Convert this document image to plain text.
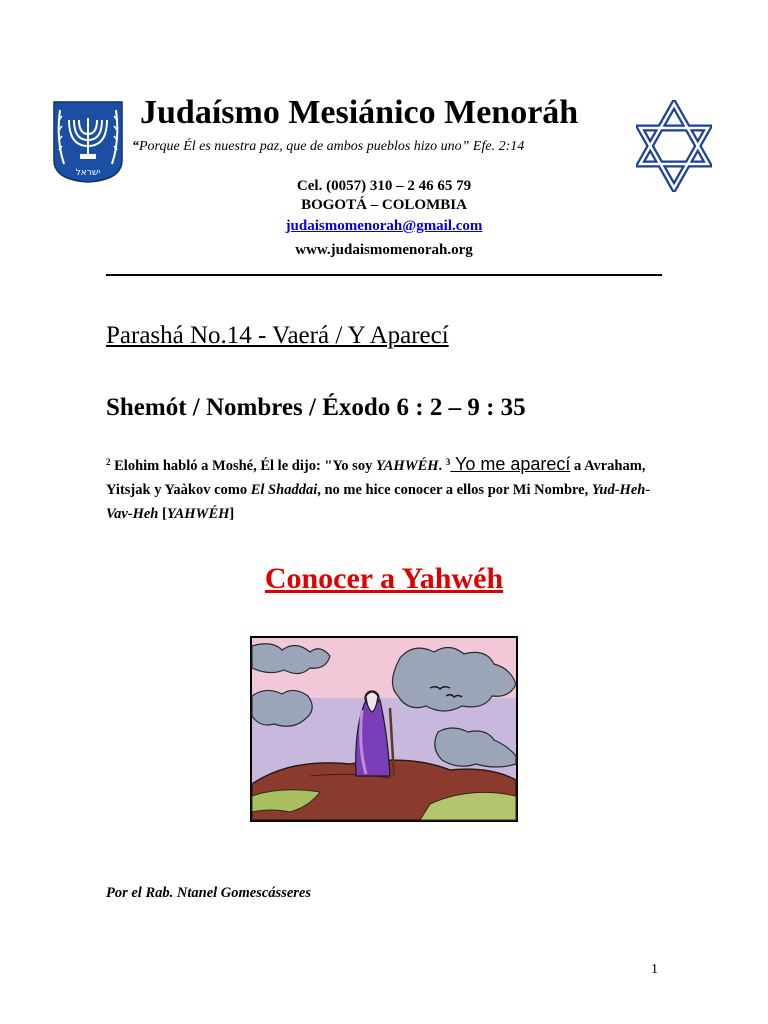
ישראל
Judaísmo Mesiánico Menoráh
“Porque Él es nuestra paz, que de ambos pueblos hizo uno” Efe. 2:14
Cel. (0057) 310 – 2 46 65 79
BOGOTÁ – COLOMBIA
judaismomenorah@gmail.com
www.judaismomenorah.org
Parashá No.14 - Vaerá / Y Aparecí
Shemót / Nombres / Éxodo 6 : 2 – 9 : 35
$^2$ Elohim habló a Moshé, Él le dijo: "Yo soy YAHWÉH. $^3$ Yo me aparecí a Avraham, Yitsjak y Yaàkov como El Shaddai, no me hice conocer a ellos por Mi Nombre, Yud-Heh-Vav-Heh [YAHWÉH]
Conocer a Yahwéh
Por el Rab. Ntanel Gomescásseres
1
